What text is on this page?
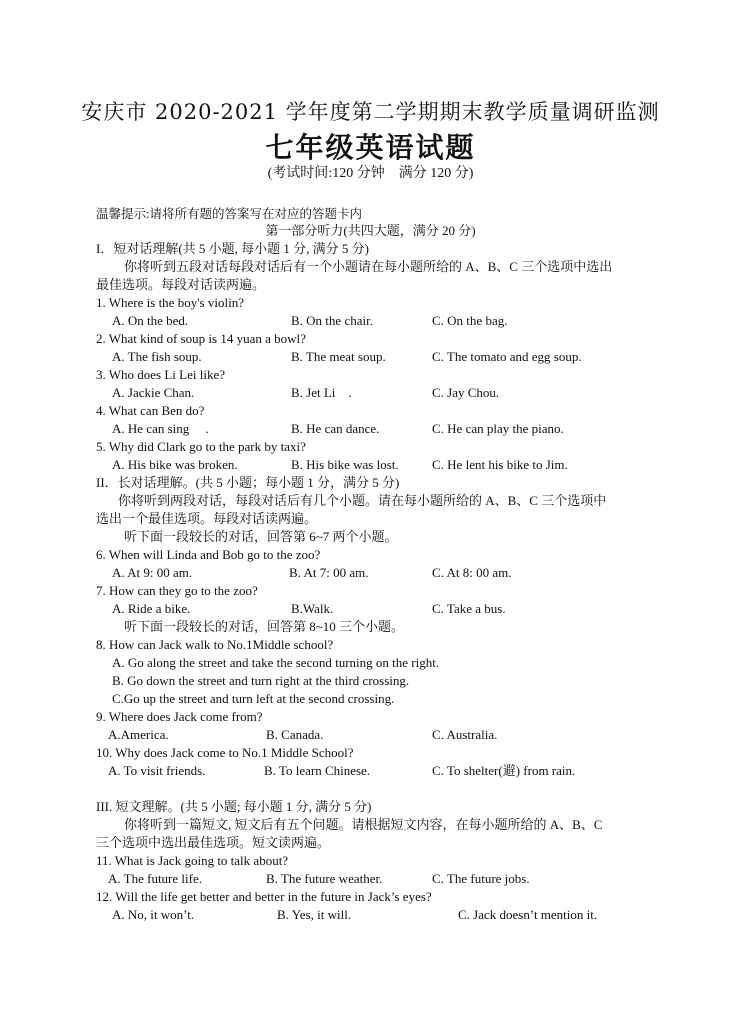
安庆市 2020-2021 学年度第二学期期末教学质量调研监测
七年级英语试题
(考试时间:120 分钟　满分 120 分)
温馨提示:请将所有题的答案写在对应的答题卡内
第一部分听力(共四大题，满分 20 分)
I．短对话理解(共 5 小题, 每小题 1 分, 满分 5 分)
你将听到五段对话每段对话后有一个小题请在每小题所给的 A、B、C 三个选项中选出
最佳选项。每段对话读两遍。
1. Where is the boy's violin?
A. On the bed.	B. On the chair.	C. On the bag.
2. What kind of soup is 14 yuan a bowl?
A. The fish soup.	B. The meat soup.	C. The tomato and egg soup.
3. Who does Li Lei like?
A. Jackie Chan.	B. Jet Li　.	C. Jay Chou.
4. What can Ben do?
A. He can sing　 .	B. He can dance.	C. He can play the piano.
5. Why did Clark go to the park by taxi?
A. His bike was broken.	B. His bike was lost.	C. He lent his bike to Jim.
II．长对话理解。(共 5 小题；每小题 1 分，满分 5 分)
你将听到两段对话，每段对话后有几个小题。请在每小题所给的 A、B、C 三个选项中
选出一个最佳选项。每段对话读两遍。
听下面一段较长的对话，回答第 6~7 两个小题。
6. When will Linda and Bob go to the zoo?
A. At 9: 00 am.	B. At 7: 00 am.	C. At 8: 00 am.
7. How can they go to the zoo?
A. Ride a bike.	B.Walk.	C. Take a bus.
听下面一段较长的对话，回答第 8~10 三个小题。
8. How can Jack walk to No.1Middle school?
A. Go along the street and take the second turning on the right.
B. Go down the street and turn right at the third crossing.
C.Go up the street and turn left at the second crossing.
9. Where does Jack come from?
A.America.	B. Canada.	C. Australia.
10. Why does Jack come to No.1 Middle School?
A. To visit friends.	B. To learn Chinese.	C. To shelter(避) from rain.
III. 短文理解。(共 5 小题; 每小题 1 分, 满分 5 分)
你将听到一篇短文, 短文后有五个问题。请根据短文内容，在每小题所给的 A、B、C
三个选项中选出最佳选项。短文读两遍。
11. What is Jack going to talk about?
A. The future life.	B. The future weather.	C. The future jobs.
12. Will the life get better and better in the future in Jack’s eyes?
A. No, it won’t.	B. Yes, it will.	C. Jack doesn’t mention it.
